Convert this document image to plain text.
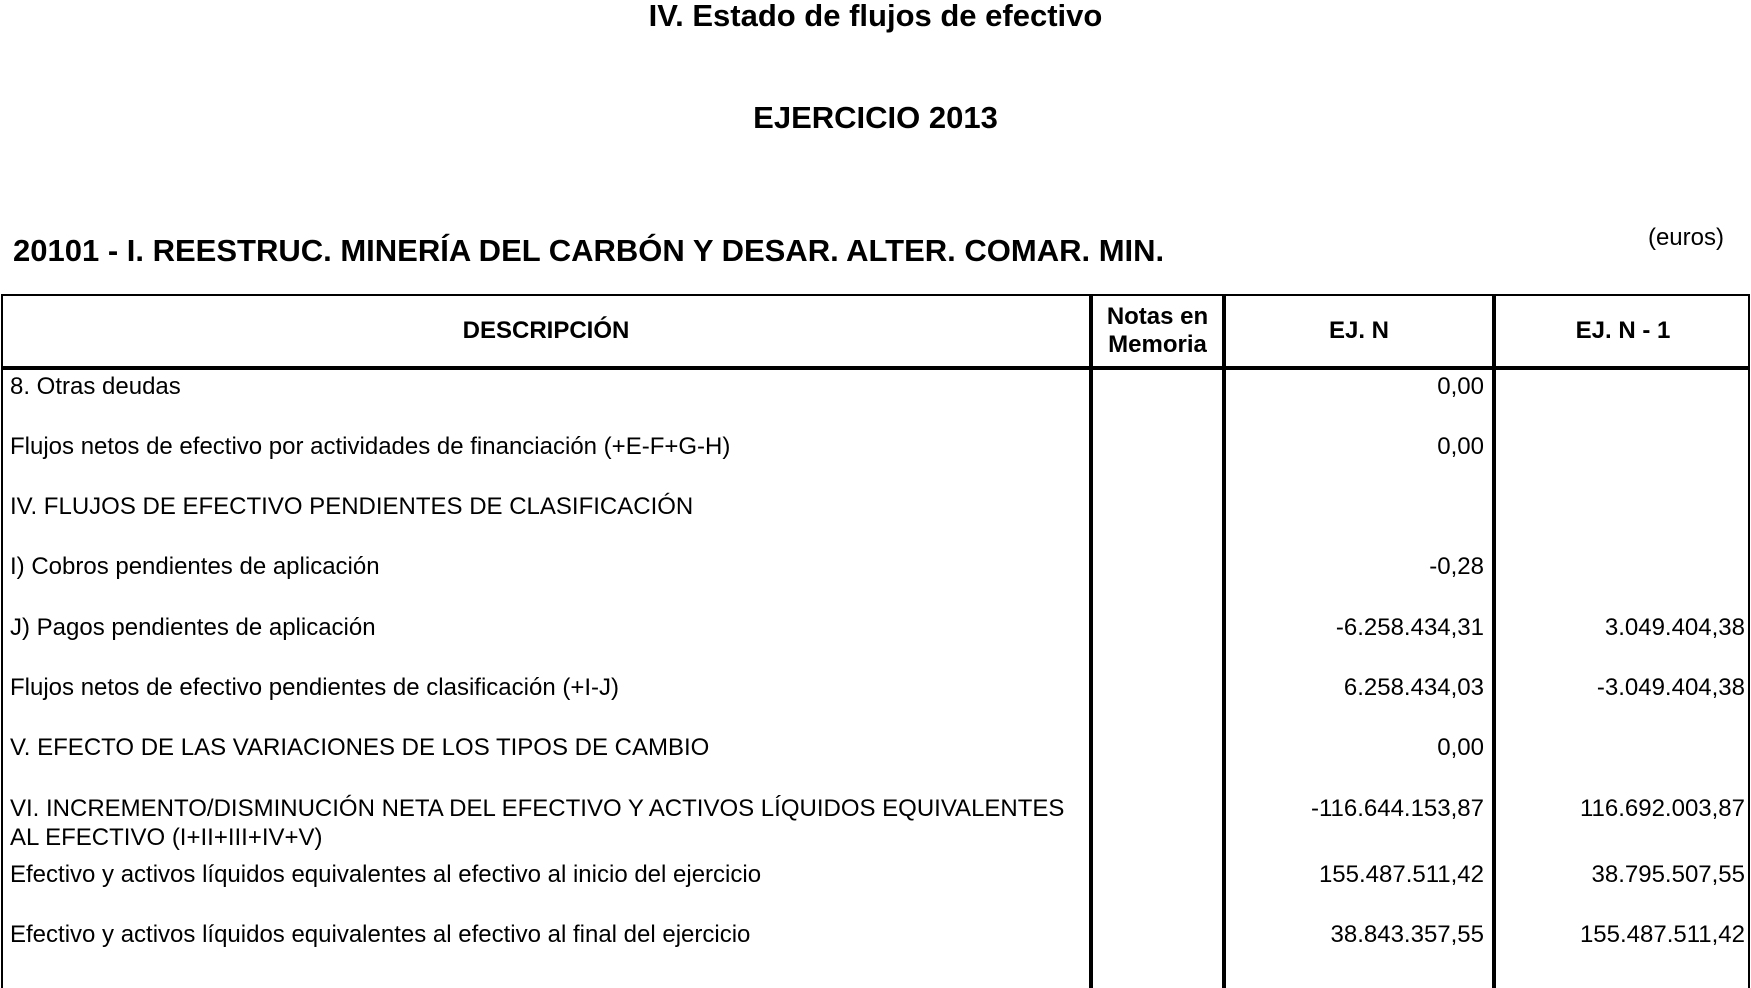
IV. Estado de flujos de efectivo
EJERCICIO 2013
20101 - I. REESTRUC. MINERÍA DEL CARBÓN Y DESAR. ALTER. COMAR. MIN.	(euros)
DESCRIPCIÓN
Notas en Memoria
EJ. N	EJ. N - 1
8. Otras deudas	0,00
Flujos netos de efectivo por actividades de financiación (+E-F+G-H)	0,00
IV. FLUJOS DE EFECTIVO PENDIENTES DE CLASIFICACIÓN
I) Cobros pendientes de aplicación	-0,28
J) Pagos pendientes de aplicación	-6.258.434,31	3.049.404,38
Flujos netos de efectivo pendientes de clasificación (+I-J)	6.258.434,03	-3.049.404,38
V. EFECTO DE LAS VARIACIONES DE LOS TIPOS DE CAMBIO	0,00
VI. INCREMENTO/DISMINUCIÓN NETA DEL EFECTIVO Y ACTIVOS LÍQUIDOS EQUIVALENTES AL EFECTIVO (I+II+III+IV+V)
-116.644.153,87	116.692.003,87
Efectivo y activos líquidos equivalentes al efectivo al inicio del ejercicio	155.487.511,42	38.795.507,55
Efectivo y activos líquidos equivalentes al efectivo al final del ejercicio	38.843.357,55	155.487.511,42
